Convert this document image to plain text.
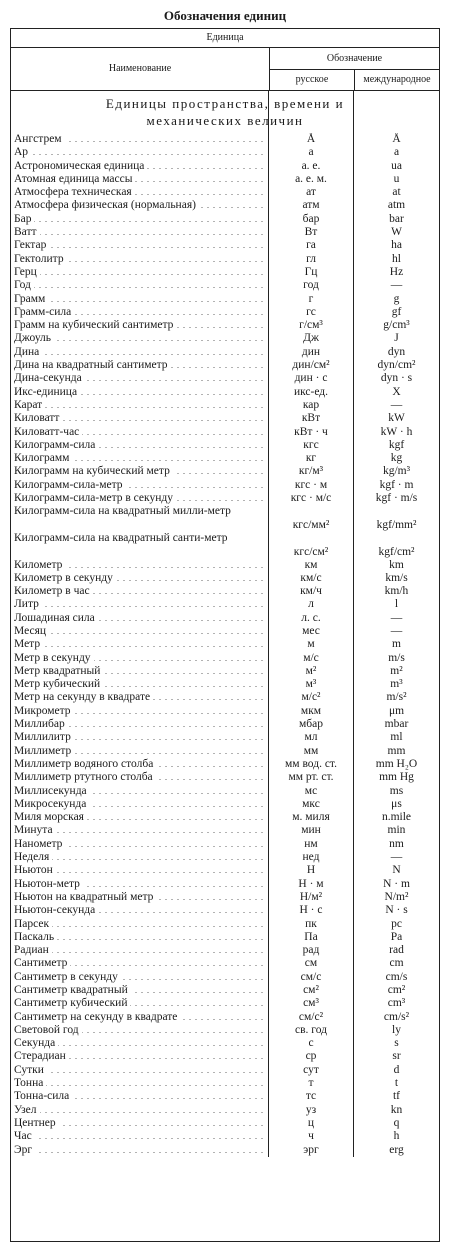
Обозначения единиц
Единица
Наименование
Обозначение
русское	международное
Единицы пространства, времени и
механических величин
Ангстрем . . .
Ар . . .
Астрономическая единица . . .
Атомная единица массы . . .
Атмосфера техническая . . .
Атмосфера физическая (нормальная) . . .
Бар . . .
Ватт . . .
Гектар . . .
Гектолитр . . .
Герц . . .
Год . . .
Грамм . . .
Грамм-сила . . .
Грамм на кубический сантиметр . . .
Джоуль . . .
Дина . . .
Дина на квадратный сантиметр . . .
Дина-секунда . . .
Икс-единица . . .
Карат . . .
Киловатт . . .
Киловатт-час . . .
Килограмм-сила . . .
Килограмм . . .
Килограмм на кубический метр . . .
Килограмм-сила-метр . . .
Килограмм-сила-метр в секунду . . .
Килограмм-сила на квадратный милли-метр
Килограмм-сила на квадратный санти-метр
Километр . . .
Километр в секунду . . .
Километр в час . . .
Литр . . .
Лошадиная сила . . .
Месяц . . .
Метр . . .
Метр в секунду . . .
Метр квадратный . . .
Метр кубический . . .
Метр на секунду в квадрате . . .
Микрометр . . .
Миллибар . . .
Миллилитр . . .
Миллиметр . . .
Миллиметр водяного столба . . .
Миллиметр ртутного столба . . .
Миллисекунда . . .
Микросекунда . . .
Миля морская . . .
Минута . . .
Нанометр . . .
Неделя . . .
Ньютон . . .
Ньютон-метр . . .
Ньютон на квадратный метр . . .
Ньютон-секунда . . .
Парсек . . .
Паскаль . . .
Радиан . . .
Сантиметр . . .
Сантиметр в секунду . . .
Сантиметр квадратный . . .
Сантиметр кубический . . .
Сантиметр на секунду в квадрате . . .
Световой год . . .
Секунда . . .
Стерадиан . . .
Сутки . . .
Тонна . . .
Тонна-сила . . .
Узел . . .
Центнер . . .
Час . . .
Эрг . . .
Å
а
а. е.
а. е. м.
ат
атм
бар
Вт
га
гл
Гц
год
г
гс
г/см³
Дж
дин
дин/см²
дин · с
икс-ед.
кар
кВт
кВт · ч
кгс
кг
кг/м³
кгс · м
кгс · м/с
кгс/мм²
кгс/см²
км
км/с
км/ч
л
л. с.
мес
м
м/с
м²
м³
м/с²
мкм
мбар
мл
мм
мм вод. ст.
мм рт. ст.
мс
мкс
м. миля
мин
нм
нед
Н
Н · м
Н/м²
Н · с
пк
Па
рад
см
см/с
см²
см³
см/с²
св. год
с
ср
сут
т
тс
уз
ц
ч
эрг
Å
a
ua
u
at
atm
bar
W
ha
hl
Hz
—
g
gf
g/cm³
J
dyn
dyn/cm²
dyn · s
X
—
kW
kW · h
kgf
kg
kg/m³
kgf · m
kgf · m/s
kgf/mm²
kgf/cm²
km
km/s
km/h
l
—
—
m
m/s
m²
m³
m/s²
μm
mbar
ml
mm
mm H₂O
mm Hg
ms
μs
n.mile
min
nm
—
N
N · m
N/m²
N · s
pc
Pa
rad
cm
cm/s
cm²
cm³
cm/s²
ly
s
sr
d
t
tf
kn
q
h
erg
